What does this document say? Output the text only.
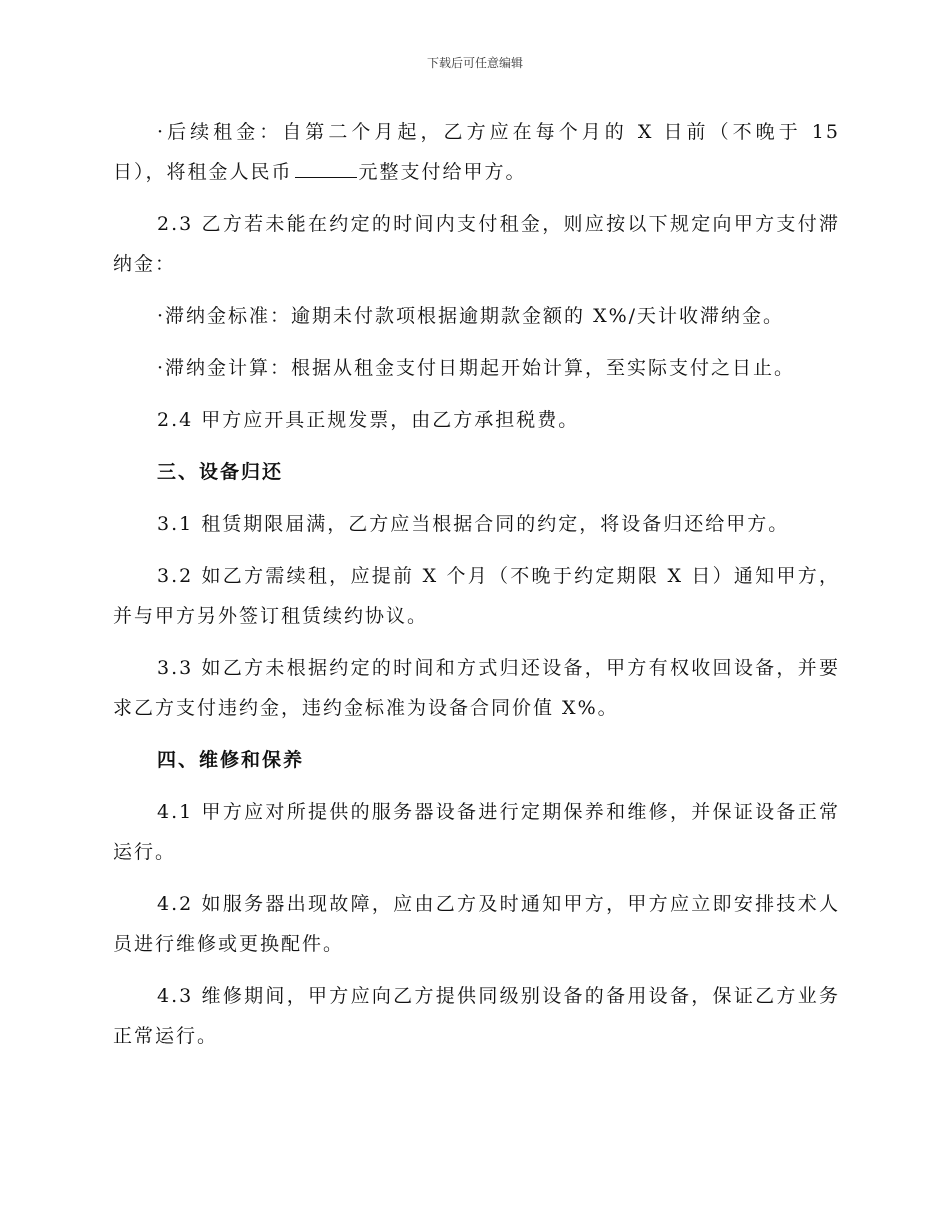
下载后可任意编辑

·后续租金：自第二个月起，乙方应在每个月的 X 日前（不晚于 15 日），将租金人民币	元整支付给甲方。

2.3 乙方若未能在约定的时间内支付租金，则应按以下规定向甲方支付滞纳金：

·滞纳金标准：逾期未付款项根据逾期款金额的 X%/天计收滞纳金。

·滞纳金计算：根据从租金支付日期起开始计算，至实际支付之日止。

2.4 甲方应开具正规发票，由乙方承担税费。

三、设备归还

3.1 租赁期限届满，乙方应当根据合同的约定，将设备归还给甲方。

3.2 如乙方需续租，应提前 X 个月（不晚于约定期限 X 日）通知甲方，并与甲方另外签订租赁续约协议。

3.3 如乙方未根据约定的时间和方式归还设备，甲方有权收回设备，并要求乙方支付违约金，违约金标准为设备合同价值 X%。

四、维修和保养

4.1 甲方应对所提供的服务器设备进行定期保养和维修，并保证设备正常运行。

4.2 如服务器出现故障，应由乙方及时通知甲方，甲方应立即安排技术人员进行维修或更换配件。

4.3 维修期间，甲方应向乙方提供同级别设备的备用设备，保证乙方业务正常运行。
